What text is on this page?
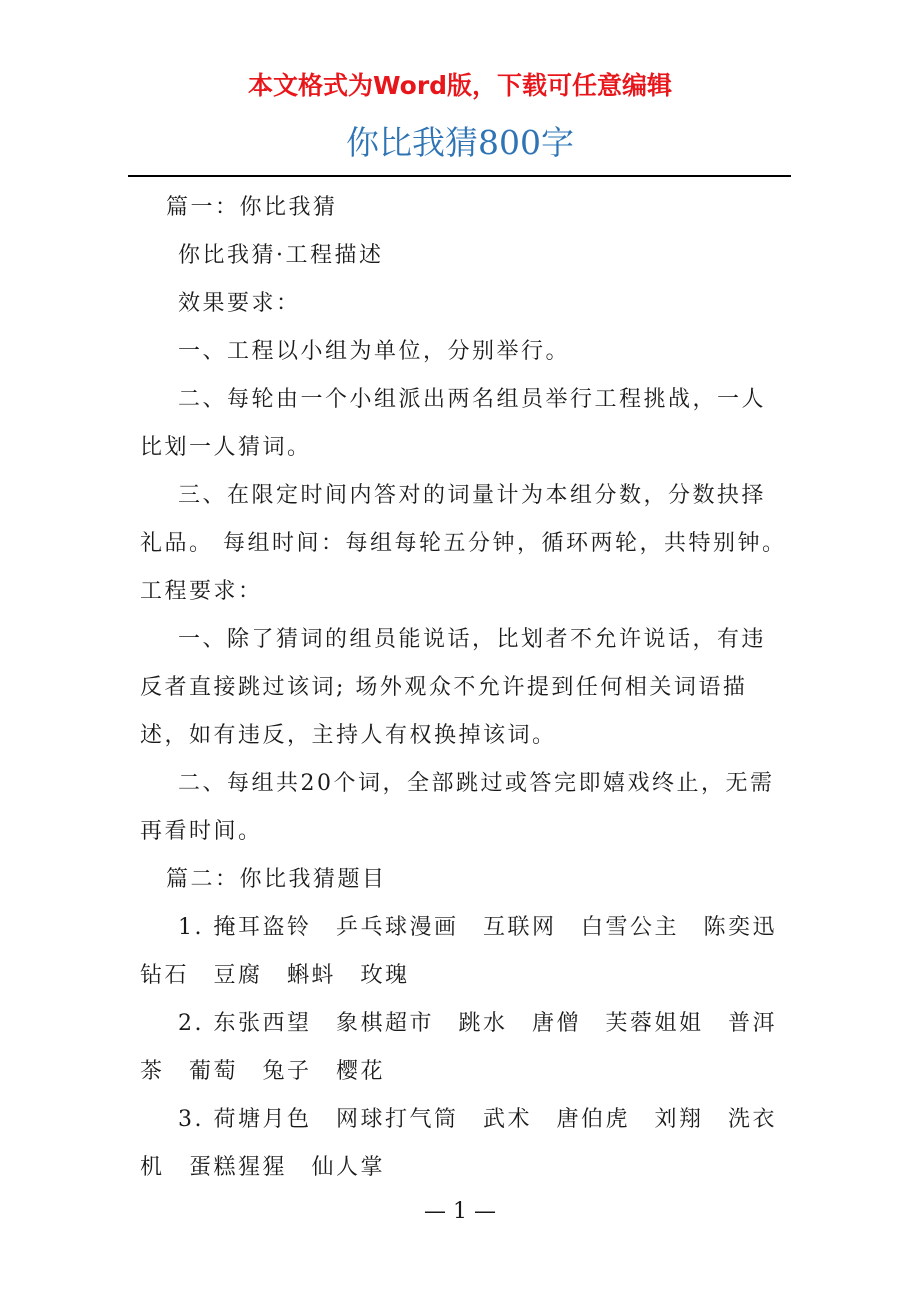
本文格式为Word版，下载可任意编辑
你比我猜800字

篇一：你比我猜

你比我猜·工程描述

效果要求：

一、工程以小组为单位，分别举行。

二、每轮由一个小组派出两名组员举行工程挑战，一人比划一人猜词。

三、在限定时间内答对的词量计为本组分数，分数抉择礼品。 每组时间：每组每轮五分钟，循环两轮，共特别钟。

工程要求：

一、除了猜词的组员能说话，比划者不允许说话，有违反者直接跳过该词; 场外观众不允许提到任何相关词语描述，如有违反，主持人有权换掉该词。

二、每组共20个词，全部跳过或答完即嬉戏终止，无需再看时间。

篇二：你比我猜题目

1. 掩耳盗铃　乒乓球漫画　互联网　白雪公主　陈奕迅　钻石　豆腐　蝌蚪　玫瑰

2. 东张西望　象棋超市　跳水　唐僧　芙蓉姐姐　普洱茶　葡萄　兔子　樱花

3. 荷塘月色　网球打气筒　武术　唐伯虎　刘翔　洗衣机　蛋糕猩猩　仙人掌

— 1 —
